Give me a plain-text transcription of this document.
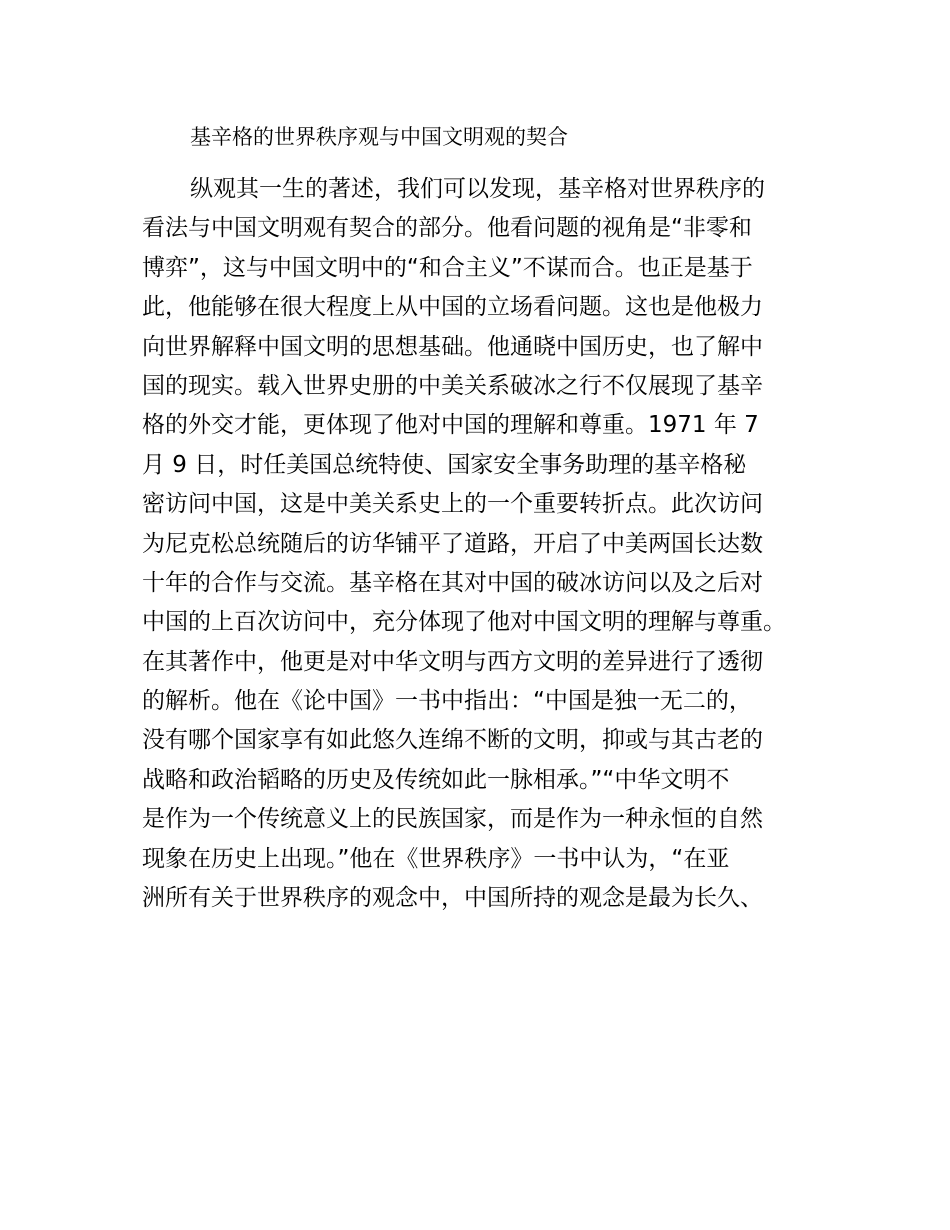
基辛格的世界秩序观与中国文明观的契合
纵观其一生的著述，我们可以发现，基辛格对世界秩序的
看法与中国文明观有契合的部分。他看问题的视角是“非零和
博弈”，这与中国文明中的“和合主义”不谋而合。也正是基于
此，他能够在很大程度上从中国的立场看问题。这也是他极力
向世界解释中国文明的思想基础。他通晓中国历史，也了解中
国的现实。载入世界史册的中美关系破冰之行不仅展现了基辛
格的外交才能，更体现了他对中国的理解和尊重。1971 年 7
月 9 日，时任美国总统特使、国家安全事务助理的基辛格秘
密访问中国，这是中美关系史上的一个重要转折点。此次访问
为尼克松总统随后的访华铺平了道路，开启了中美两国长达数
十年的合作与交流。基辛格在其对中国的破冰访问以及之后对
中国的上百次访问中，充分体现了他对中国文明的理解与尊重。
在其著作中，他更是对中华文明与西方文明的差异进行了透彻
的解析。他在《论中国》一书中指出：“中国是独一无二的，
没有哪个国家享有如此悠久连绵不断的文明，抑或与其古老的
战略和政治韬略的历史及传统如此一脉相承。”“中华文明不
是作为一个传统意义上的民族国家，而是作为一种永恒的自然
现象在历史上出现。”他在《世界秩序》一书中认为，“在亚
洲所有关于世界秩序的观念中，中国所持的观念是最为长久、
